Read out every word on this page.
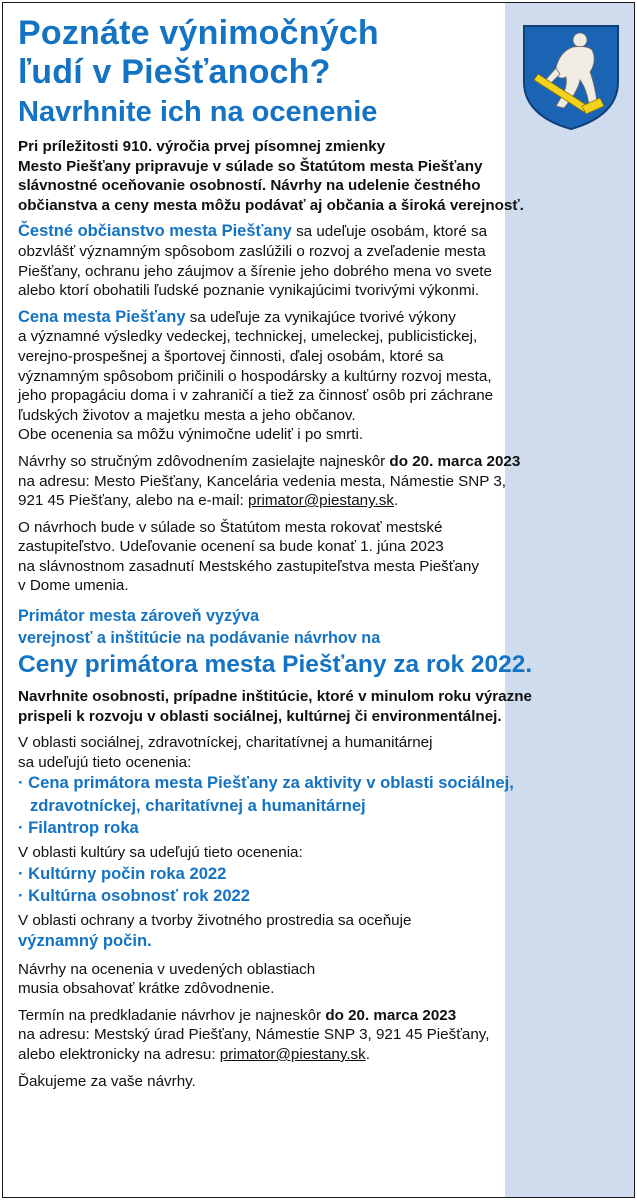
Poznáte výnimočných
ľudí v Piešťanoch?
Navrhnite ich na ocenenie
Pri príležitosti 910. výročia prvej písomnej zmienky
Mesto Piešťany pripravuje v súlade so Štatútom mesta Piešťany
slávnostné oceňovanie osobností. Návrhy na udelenie čestného
občianstva a ceny mesta môžu podávať aj občania a široká verejnosť.
Čestné občianstvo mesta Piešťany sa udeľuje osobám, ktoré sa
obzvlášť významným spôsobom zaslúžili o rozvoj a zveľadenie mesta
Piešťany, ochranu jeho záujmov a šírenie jeho dobrého mena vo svete
alebo ktorí obohatili ľudské poznanie vynikajúcimi tvorivými výkonmi.
Cena mesta Piešťany sa udeľuje za vynikajúce tvorivé výkony
a významné výsledky vedeckej, technickej, umeleckej, publicistickej,
verejno-prospešnej a športovej činnosti, ďalej osobám, ktoré sa
významným spôsobom pričinili o hospodársky a kultúrny rozvoj mesta,
jeho propagáciu doma i v zahraničí a tiež za činnosť osôb pri záchrane
ľudských životov a majetku mesta a jeho občanov.
Obe ocenenia sa môžu výnimočne udeliť i po smrti.
Návrhy so stručným zdôvodnením zasielajte najneskôr do 20. marca 2023
na adresu: Mesto Piešťany, Kancelária vedenia mesta, Námestie SNP 3,
921 45 Piešťany, alebo na e-mail: primator@piestany.sk.
O návrhoch bude v súlade so Štatútom mesta rokovať mestské
zastupiteľstvo. Udeľovanie ocenení sa bude konať 1. júna 2023
na slávnostnom zasadnutí Mestského zastupiteľstva mesta Piešťany
v Dome umenia.
Primátor mesta zároveň vyzýva
verejnosť a inštitúcie na podávanie návrhov na
Ceny primátora mesta Piešťany za rok 2022.
Navrhnite osobnosti, prípadne inštitúcie, ktoré v minulom roku výrazne
prispeli k rozvoju v oblasti sociálnej, kultúrnej či environmentálnej.
V oblasti sociálnej, zdravotníckej, charitatívnej a humanitárnej
sa udeľujú tieto ocenenia:
· Cena primátora mesta Piešťany za aktivity v oblasti sociálnej, zdravotníckej, charitatívnej a humanitárnej
· Filantrop roka
V oblasti kultúry sa udeľujú tieto ocenenia:
· Kultúrny počin roka 2022
· Kultúrna osobnosť rok 2022
V oblasti ochrany a tvorby životného prostredia sa oceňuje
významný počin.
Návrhy na ocenenia v uvedených oblastiach
musia obsahovať krátke zdôvodnenie.
Termín na predkladanie návrhov je najneskôr do 20. marca 2023
na adresu: Mestský úrad Piešťany, Námestie SNP 3, 921 45 Piešťany,
alebo elektronicky na adresu: primator@piestany.sk.
Ďakujeme za vaše návrhy.
